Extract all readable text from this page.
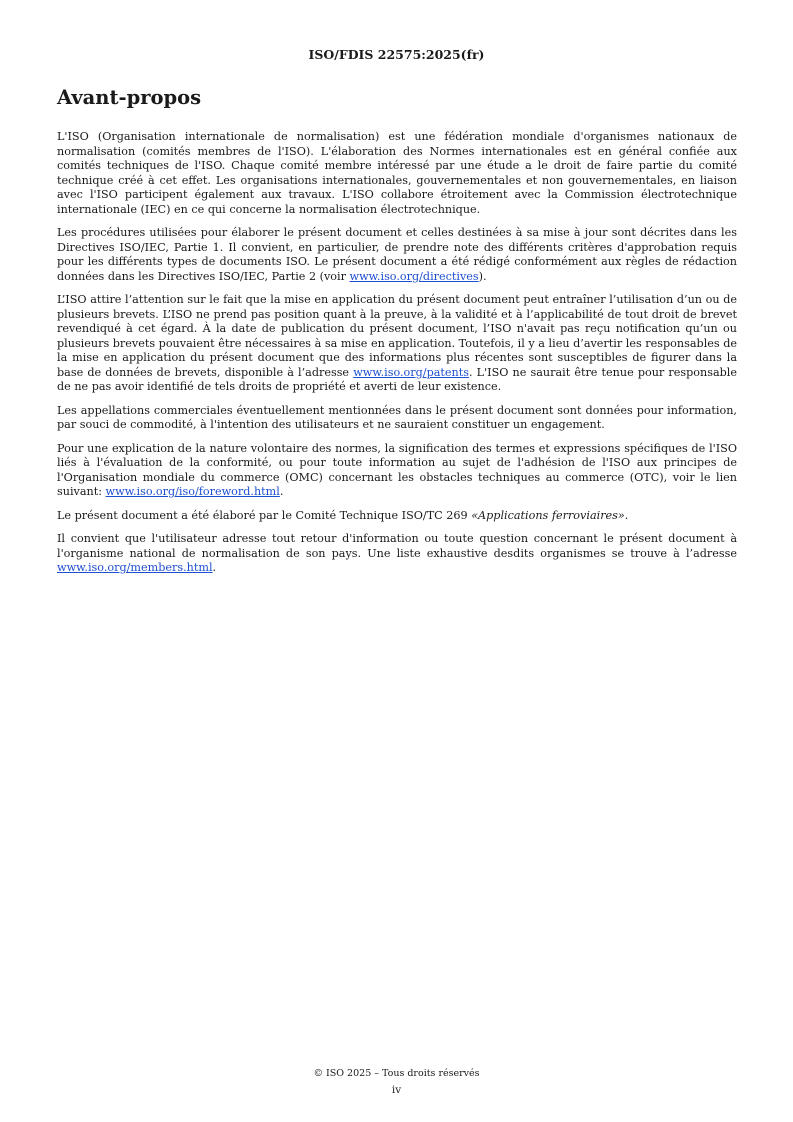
ISO/FDIS 22575:2025(fr)
Avant-propos

L'ISO (Organisation internationale de normalisation) est une fédération mondiale d'organismes nationaux de normalisation (comités membres de l'ISO). L'élaboration des Normes internationales est en général confiée aux comités techniques de l'ISO. Chaque comité membre intéressé par une étude a le droit de faire partie du comité technique créé à cet effet. Les organisations internationales, gouvernementales et non gouvernementales, en liaison avec l'ISO participent également aux travaux. L'ISO collabore étroitement avec la Commission électrotechnique internationale (IEC) en ce qui concerne la normalisation électrotechnique.

Les procédures utilisées pour élaborer le présent document et celles destinées à sa mise à jour sont décrites dans les Directives ISO/IEC, Partie 1. Il convient, en particulier, de prendre note des différents critères d'approbation requis pour les différents types de documents ISO. Le présent document a été rédigé conformément aux règles de rédaction données dans les Directives ISO/IEC, Partie 2 (voir www.iso.org/directives).

L’ISO attire l’attention sur le fait que la mise en application du présent document peut entraîner l’utilisation d’un ou de plusieurs brevets. L’ISO ne prend pas position quant à la preuve, à la validité et à l’applicabilité de tout droit de brevet revendiqué à cet égard. À la date de publication du présent document, l’ISO n'avait pas reçu notification qu’un ou plusieurs brevets pouvaient être nécessaires à sa mise en application. Toutefois, il y a lieu d’avertir les responsables de la mise en application du présent document que des informations plus récentes sont susceptibles de figurer dans la base de données de brevets, disponible à l’adresse www.iso.org/patents. L'ISO ne saurait être tenue pour responsable de ne pas avoir identifié de tels droits de propriété et averti de leur existence.

Les appellations commerciales éventuellement mentionnées dans le présent document sont données pour information, par souci de commodité, à l'intention des utilisateurs et ne sauraient constituer un engagement.

Pour une explication de la nature volontaire des normes, la signification des termes et expressions spécifiques de l'ISO liés à l'évaluation de la conformité, ou pour toute information au sujet de l'adhésion de l'ISO aux principes de l'Organisation mondiale du commerce (OMC) concernant les obstacles techniques au commerce (OTC), voir le lien suivant: www.iso.org/iso/foreword.html.

Le présent document a été élaboré par le Comité Technique ISO/TC 269 «Applications ferroviaires».

Il convient que l'utilisateur adresse tout retour d'information ou toute question concernant le présent document à l'organisme national de normalisation de son pays. Une liste exhaustive desdits organismes se trouve à l’adresse www.iso.org/members.html.

© ISO 2025 – Tous droits réservés
iv
